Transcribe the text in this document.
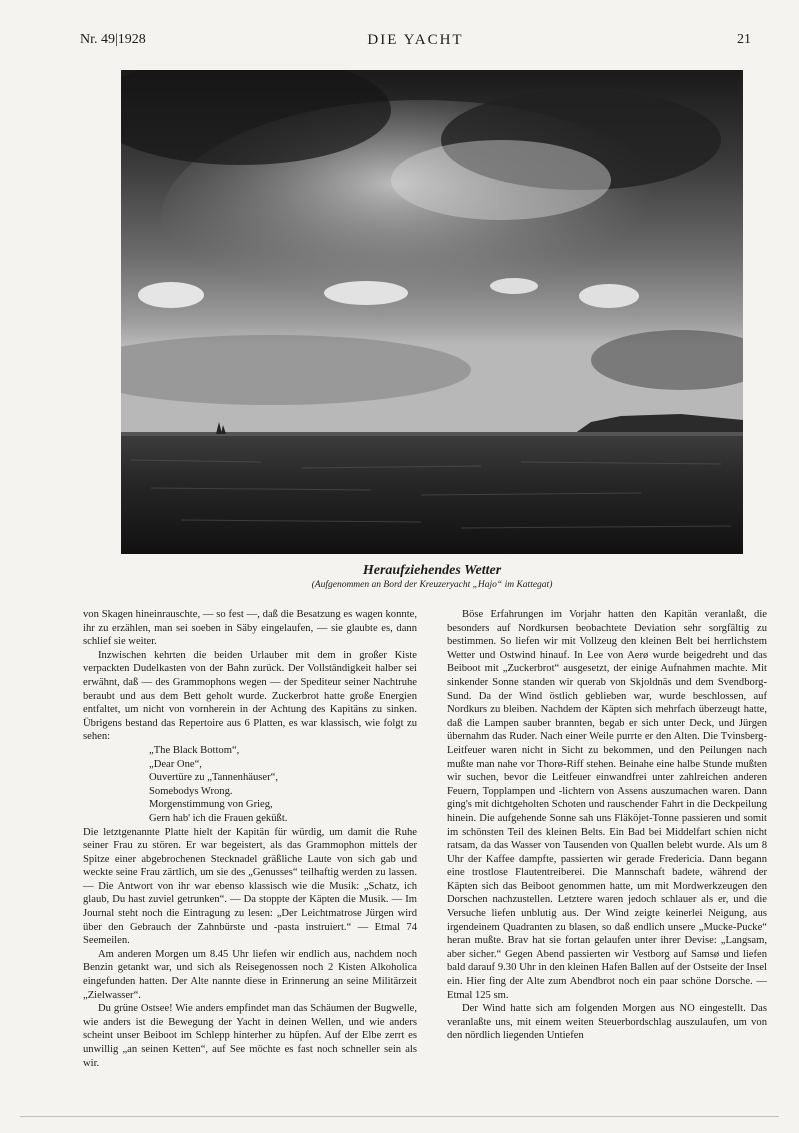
Nr. 49|1928	DIE YACHT	21
Heraufziehendes Wetter
(Aufgenommen an Bord der Kreuzeryacht „Hajo“ im Kattegat)

von Skagen hineinrauschte, — so fest —, daß die Besatzung es wagen konnte, ihr zu erzählen, man sei soeben in Säby eingelaufen, — sie glaubte es, dann schlief sie weiter.

Inzwischen kehrten die beiden Urlauber mit dem in großer Kiste verpackten Dudelkasten von der Bahn zurück. Der Vollständigkeit halber sei erwähnt, daß — des Grammophons wegen — der Spediteur seiner Nachtruhe beraubt und aus dem Bett geholt wurde. Zuckerbrot hatte große Energien entfaltet, um nicht von vornherein in der Achtung des Kapitäns zu sinken. Übrigens bestand das Repertoire aus 6 Platten, es war klassisch, wie folgt zu sehen:

„The Black Bottom“,
„Dear One“,
Ouvertüre zu „Tannenhäuser“,
Somebodys Wrong.
Morgenstimmung von Grieg,
Gern hab' ich die Frauen geküßt.

Die letztgenannte Platte hielt der Kapitän für würdig, um damit die Ruhe seiner Frau zu stören. Er war begeistert, als das Grammophon mittels der Spitze einer abgebrochenen Stecknadel gräßliche Laute von sich gab und weckte seine Frau zärtlich, um sie des „Genusses“ teilhaftig werden zu lassen. — Die Antwort von ihr war ebenso klassisch wie die Musik: „Schatz, ich glaub, Du hast zuviel getrunken“. — Da stoppte der Käpten die Musik. — Im Journal steht noch die Eintragung zu lesen: „Der Leichtmatrose Jürgen wird über den Gebrauch der Zahnbürste und -pasta instruiert.“ — Etmal 74 Seemeilen.

Am anderen Morgen um 8.45 Uhr liefen wir endlich aus, nachdem noch Benzin getankt war, und sich als Reisegenossen noch 2 Kisten Alkoholica eingefunden hatten. Der Alte nannte diese in Erinnerung an seine Militärzeit „Zielwasser“.

Du grüne Ostsee! Wie anders empfindet man das Schäumen der Bugwelle, wie anders ist die Bewegung der Yacht in deinen Wellen, und wie anders scheint unser Beiboot im Schlepp hinterher zu hüpfen. Auf der Elbe zerrt es unwillig „an seinen Ketten“, auf See möchte es fast noch schneller sein als wir.

Böse Erfahrungen im Vorjahr hatten den Kapitän veranlaßt, die besonders auf Nordkursen beobachtete Deviation sehr sorgfältig zu bestimmen. So liefen wir mit Vollzeug den kleinen Belt bei herrlichstem Wetter und Ostwind hinauf. In Lee von Aerø wurde beigedreht und das Beiboot mit „Zuckerbrot“ ausgesetzt, der einige Aufnahmen machte. Mit sinkender Sonne standen wir querab von Skjoldnäs und dem Svendborg-Sund. Da der Wind östlich geblieben war, wurde beschlossen, auf Nordkurs zu bleiben. Nachdem der Käpten sich mehrfach überzeugt hatte, daß die Lampen sauber brannten, begab er sich unter Deck, und Jürgen übernahm das Ruder. Nach einer Weile purrte er den Alten. Die Tvinsberg-Leitfeuer waren nicht in Sicht zu bekommen, und den Peilungen nach mußte man nahe vor Thorø-Riff stehen. Beinahe eine halbe Stunde mußten wir suchen, bevor die Leitfeuer einwandfrei unter zahlreichen anderen Feuern, Topplampen und -lichtern von Assens auszumachen waren. Dann ging's mit dichtgeholten Schoten und rauschender Fahrt in die Deckpeilung hinein. Die aufgehende Sonne sah uns Fläköjet-Tonne passieren und somit im schönsten Teil des kleinen Belts. Ein Bad bei Middelfart schien nicht ratsam, da das Wasser von Tausenden von Quallen belebt wurde. Als um 8 Uhr der Kaffee dampfte, passierten wir gerade Fredericia. Dann begann eine trostlose Flautentreiberei. Die Mannschaft badete, während der Käpten sich das Beiboot genommen hatte, um mit Mordwerkzeugen den Dorschen nachzustellen. Letztere waren jedoch schlauer als er, und die Versuche liefen unblutig aus. Der Wind zeigte keinerlei Neigung, aus irgendeinem Quadranten zu blasen, so daß endlich unsere „Mucke-Pucke“ heran mußte. Brav hat sie fortan gelaufen unter ihrer Devise: „Langsam, aber sicher.“ Gegen Abend passierten wir Vestborg auf Samsø und liefen bald darauf 9.30 Uhr in den kleinen Hafen Ballen auf der Ostseite der Insel ein. Hier fing der Alte zum Abendbrot noch ein paar schöne Dorsche. — Etmal 125 sm.

Der Wind hatte sich am folgenden Morgen aus NO eingestellt. Das veranlaßte uns, mit einem weiten Steuerbordschlag auszulaufen, um von den nördlich liegenden Untiefen
